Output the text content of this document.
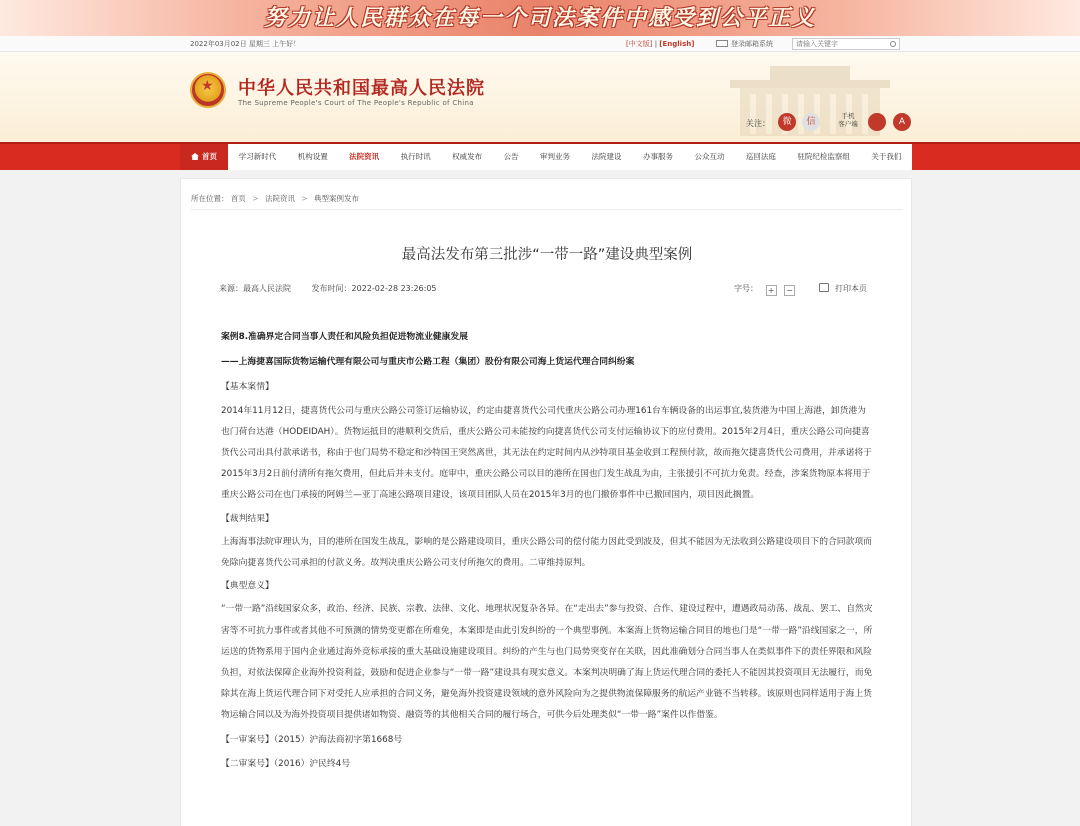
努力让人民群众在每一个司法案件中感受到公平正义
2022年03月02日 星期三 上午好！	[中文版] | [English]	登录邮箱系统
请输入关键字
★
中华人民共和国最高人民法院
The Supreme People's Court of The People's Republic of China
关注：	微	信
手机
客户端	A
首页	学习新时代	机构设置	法院资讯	执行时讯	权威发布	公告	审判业务	法院建设	办事服务	公众互动	巡回法庭	驻院纪检监察组	关于我们
所在位置： 首页 > 法院资讯 > 典型案例发布
最高法发布第三批涉“一带一路”建设典型案例
来源：最高人民法院	发布时间：2022-02-28 23:26:05	字号： + −	打印本页

案例8.准确界定合同当事人责任和风险负担促进物流业健康发展

——上海捷喜国际货物运输代理有限公司与重庆市公路工程（集团）股份有限公司海上货运代理合同纠纷案

【基本案情】

2014年11月12日，捷喜货代公司与重庆公路公司签订运输协议，约定由捷喜货代公司代重庆公路公司办理161台车辆设备的出运事宜,装货港为中国上海港，卸货港为也门荷台达港（HODEIDAH）。货物运抵目的港顺利交货后，重庆公路公司未能按约向捷喜货代公司支付运输协议下的应付费用。2015年2月4日，重庆公路公司向捷喜货代公司出具付款承诺书，称由于也门局势不稳定和沙特国王突然离世，其无法在约定时间内从沙特项目基金收到工程预付款，故而拖欠捷喜货代公司费用，并承诺将于2015年3月2日前付清所有拖欠费用，但此后并未支付。庭审中，重庆公路公司以目的港所在国也门发生战乱为由，主张援引不可抗力免责。经查，涉案货物原本将用于重庆公路公司在也门承接的阿姆兰—亚丁高速公路项目建设，该项目团队人员在2015年3月的也门撤侨事件中已撤回国内，项目因此搁置。

【裁判结果】

上海海事法院审理认为，目的港所在国发生战乱，影响的是公路建设项目，重庆公路公司的偿付能力因此受到波及，但其不能因为无法收到公路建设项目下的合同款项而免除向捷喜货代公司承担的付款义务。故判决重庆公路公司支付所拖欠的费用。二审维持原判。

【典型意义】

“一带一路”沿线国家众多，政治、经济、民族、宗教、法律、文化、地理状况复杂各异。在“走出去”参与投资、合作、建设过程中，遭遇政局动荡、战乱、罢工、自然灾害等不可抗力事件或者其他不可预测的情势变更都在所难免，本案即是由此引发纠纷的一个典型事例。本案海上货物运输合同目的地也门是“一带一路”沿线国家之一，所运送的货物系用于国内企业通过海外竞标承接的重大基础设施建设项目。纠纷的产生与也门局势突变存在关联，因此准确划分合同当事人在类似事件下的责任界限和风险负担，对依法保障企业海外投资利益，鼓励和促进企业参与“一带一路”建设具有现实意义。本案判决明确了海上货运代理合同的委托人不能因其投资项目无法履行，而免除其在海上货运代理合同下对受托人应承担的合同义务，避免海外投资建设领域的意外风险向为之提供物流保障服务的航运产业链不当转移。该原则也同样适用于海上货物运输合同以及为海外投资项目提供诸如物资、融资等的其他相关合同的履行场合，可供今后处理类似“一带一路”案件以作借鉴。

【一审案号】（2015）沪海法商初字第1668号

【二审案号】（2016）沪民终4号
